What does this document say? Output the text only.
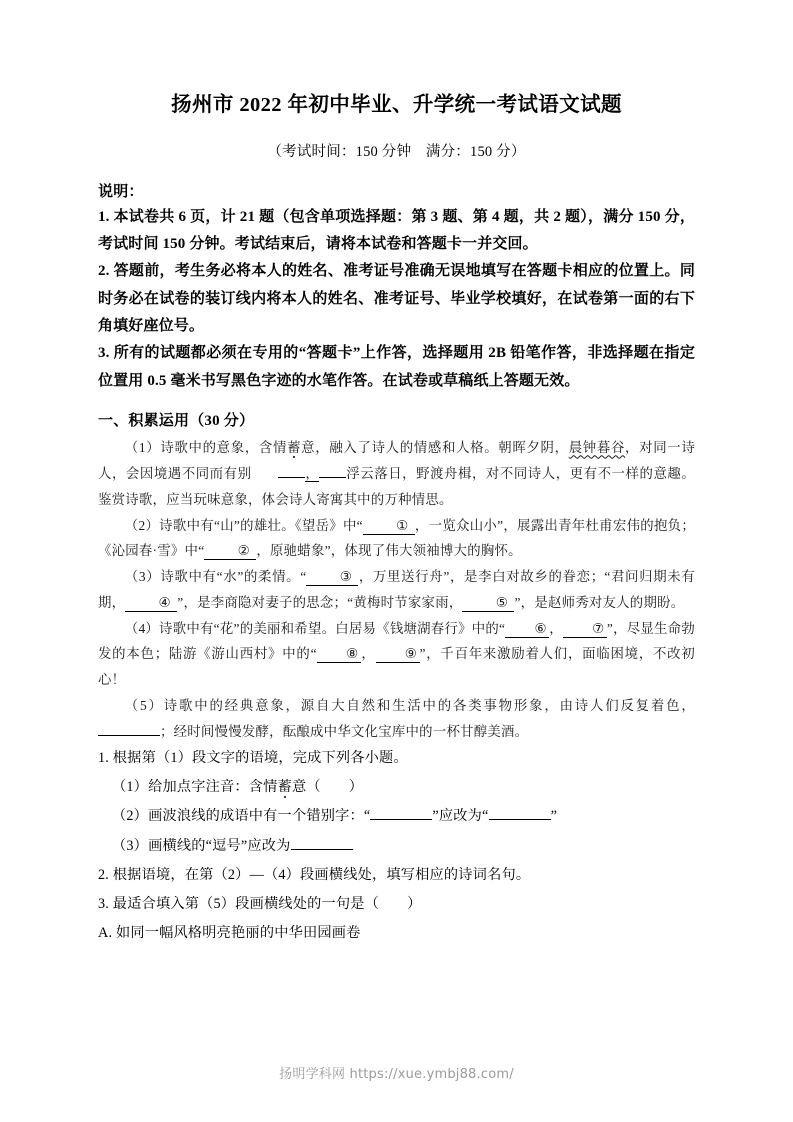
扬州市 2022 年初中毕业、升学统一考试语文试题

（考试时间：150 分钟　满分：150 分）

说明：

1. 本试卷共 6 页，计 21 题（包含单项选择题：第 3 题、第 4 题，共 2 题），满分 150 分，考试时间 150 分钟。考试结束后，请将本试卷和答题卡一并交回。

2. 答题前，考生务必将本人的姓名、准考证号准确无误地填写在答题卡相应的位置上。同时务必在试卷的装订线内将本人的姓名、准考证号、毕业学校填好，在试卷第一面的右下角填好座位号。

3. 所有的试题都必须在专用的“答题卡”上作答，选择题用 2B 铅笔作答，非选择题在指定位置用 0.5 毫米书写黑色字迹的水笔作答。在试卷或草稿纸上答题无效。

一、积累运用（30 分）

（1）诗歌中的意象，含情蓄意，融入了诗人的情感和人格。朝晖夕阴，晨钟暮谷，对同一诗人，会因境遇不同而有别	， 浮云落日，野渡舟楫，对不同诗人，更有不一样的意趣。鉴赏诗歌，应当玩味意象，体会诗人寄寓其中的万种情思。

（2）诗歌中有“山”的雄壮。《望岳》中“ ① ，一览众山小”，展露出青年杜甫宏伟的抱负；《沁园春·雪》中“ ② ，原驰蜡象”，体现了伟大领袖博大的胸怀。

（3）诗歌中有“水”的柔情。“ ③ ，万里送行舟”，是李白对故乡的眷恋；“君问归期未有期， ④ ”，是李商隐对妻子的思念；“黄梅时节家家雨， ⑤ ”，是赵师秀对友人的期盼。

（4）诗歌中有“花”的美丽和希望。白居易《钱塘湖春行》中的“ ⑥ ， ⑦ ”，尽显生命勃发的本色；陆游《游山西村》中的“ ⑧ ， ⑨ ”，千百年来激励着人们，面临困境，不改初心！

（5）诗歌中的经典意象，源自大自然和生活中的各类事物形象，由诗人们反复着色，；经时间慢慢发酵，酝酿成中华文化宝库中的一杯甘醇美酒。

1. 根据第（1）段文字的语境，完成下列各小题。

（1）给加点字注音：含情蓄意（ ）

（2）画波浪线的成语中有一个错别字：“	”应改为“	”

（3）画横线的“逗号”应改为

2. 根据语境，在第（2）—（4）段画横线处，填写相应的诗词名句。

3. 最适合填入第（5）段画横线处的一句是（ ）

A. 如同一幅风格明亮艳丽的中华田园画卷

扬明学科网 https://xue.ymbj88.com/
